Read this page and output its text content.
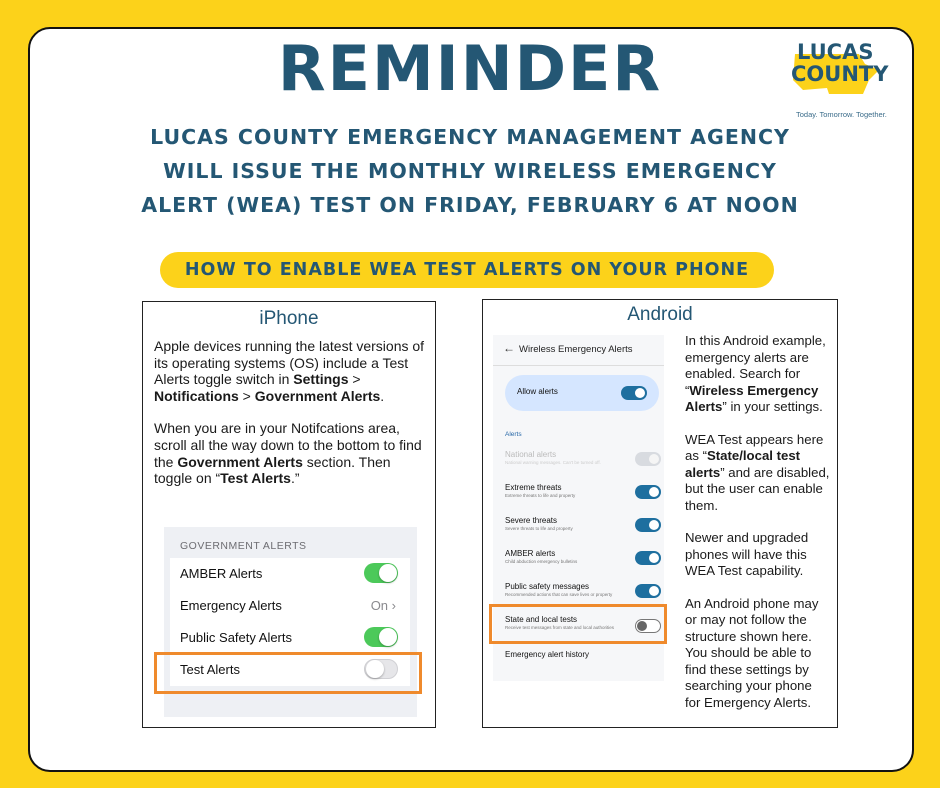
REMINDER
LUCAS COUNTY EMERGENCY MANAGEMENT AGENCY
WILL ISSUE THE MONTHLY WIRELESS EMERGENCY
ALERT (WEA) TEST ON FRIDAY, FEBRUARY 6 AT NOON
LUCAS
COUNTY
Today. Tomorrow. Together.
HOW TO ENABLE WEA TEST ALERTS ON YOUR PHONE
iPhone
Apple devices running the latest versions of its operating systems (OS) include a Test Alerts toggle switch in Settings > Notifications > Government Alerts.
When you are in your Notifcations area, scroll all the way down to the bottom to find the Government Alerts section. Then toggle on “Test Alerts.”
GOVERNMENT ALERTS
AMBER Alerts
Emergency Alerts	On ›
Public Safety Alerts
Test Alerts
Android
← Wireless Emergency Alerts
Allow alerts
Alerts
National alerts
National warning messages. Can't be turned off.
Extreme threats
Extreme threats to life and property
Severe threats
Severe threats to life and property
AMBER alerts
Child abduction emergency bulletins
Public safety messages
Recommended actions that can save lives or property
State and local tests
Receive test messages from state and local authorities
Emergency alert history

In this Android example, emergency alerts are enabled. Search for “Wireless Emergency Alerts” in your settings.

WEA Test appears here as “State/local test alerts” and are disabled, but the user can enable them.

Newer and upgraded phones will have this WEA Test capability.

An Android phone may or may not follow the structure shown here. You should be able to find these settings by searching your phone for Emergency Alerts.
